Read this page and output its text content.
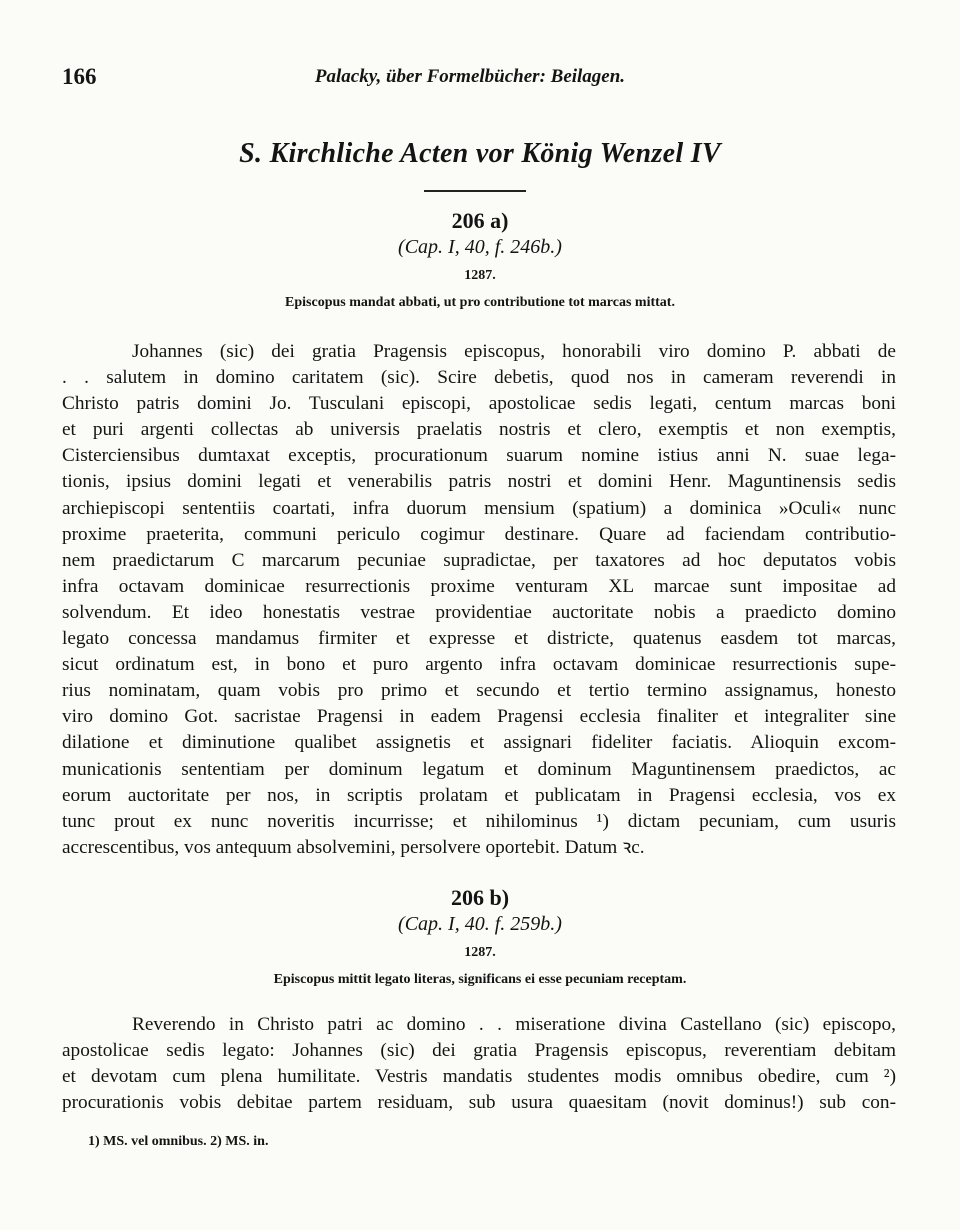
166	Palacky, über Formelbücher: Beilagen.
S. Kirchliche Acten vor König Wenzel IV
206 a)
(Cap. I, 40, f. 246b.)
1287.
Episcopus mandat abbati, ut pro contributione tot marcas mittat.
Johannes (sic) dei gratia Pragensis episcopus, honorabili viro domino P. abbati de
. . salutem in domino caritatem (sic). Scire debetis, quod nos in cameram reverendi in
Christo patris domini Jo. Tusculani episcopi, apostolicae sedis legati, centum marcas boni
et puri argenti collectas ab universis praelatis nostris et clero, exemptis et non exemptis,
Cisterciensibus dumtaxat exceptis, procurationum suarum nomine istius anni N. suae lega-
tionis, ipsius domini legati et venerabilis patris nostri et domini Henr. Maguntinensis sedis
archiepiscopi sententiis coartati, infra duorum mensium (spatium) a dominica »Oculi« nunc
proxime praeterita, communi periculo cogimur destinare. Quare ad faciendam contributio-
nem praedictarum C marcarum pecuniae supradictae, per taxatores ad hoc deputatos vobis
infra octavam dominicae resurrectionis proxime venturam XL marcae sunt impositae ad
solvendum. Et ideo honestatis vestrae providentiae auctoritate nobis a praedicto domino
legato concessa mandamus firmiter et expresse et districte, quatenus easdem tot marcas,
sicut ordinatum est, in bono et puro argento infra octavam dominicae resurrectionis supe-
rius nominatam, quam vobis pro primo et secundo et tertio termino assignamus, honesto
viro domino Got. sacristae Pragensi in eadem Pragensi ecclesia finaliter et integraliter sine
dilatione et diminutione qualibet assignetis et assignari fideliter faciatis. Alioquin excom-
municationis sententiam per dominum legatum et dominum Maguntinensem praedictos, ac
eorum auctoritate per nos, in scriptis prolatam et publicatam in Pragensi ecclesia, vos ex
tunc prout ex nunc noveritis incurrisse; et nihilominus ¹) dictam pecuniam, cum usuris
accrescentibus, vos antequum absolvemini, persolvere oportebit. Datum ꝛc.
206 b)
(Cap. I, 40. f. 259b.)
1287.
Episcopus mittit legato literas, significans ei esse pecuniam receptam.
Reverendo in Christo patri ac domino . . miseratione divina Castellano (sic) episcopo,
apostolicae sedis legato: Johannes (sic) dei gratia Pragensis episcopus, reverentiam debitam
et devotam cum plena humilitate. Vestris mandatis studentes modis omnibus obedire, cum ²)
procurationis vobis debitae partem residuam, sub usura quaesitam (novit dominus!) sub con-
1) MS. vel omnibus. 2) MS. in.
